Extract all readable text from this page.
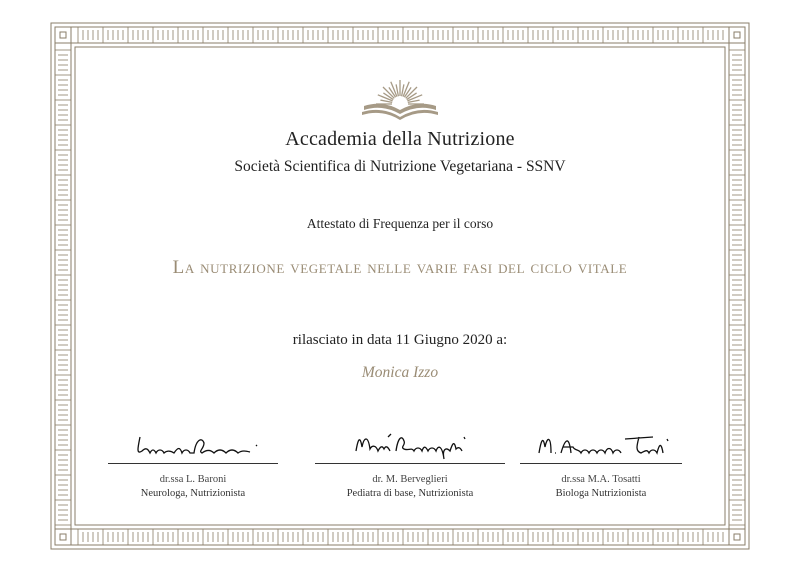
Accademia della Nutrizione
Società Scientifica di Nutrizione Vegetariana - SSNV
Attestato di Frequenza per il corso
La nutrizione vegetale nelle varie fasi del ciclo vitale
rilasciato in data 11 Giugno 2020 a:
Monica Izzo
dr.ssa L. Baroni
Neurologa, Nutrizionista
dr. M. Berveglieri
Pediatra di base, Nutrizionista
dr.ssa M.A. Tosatti
Biologa Nutrizionista
